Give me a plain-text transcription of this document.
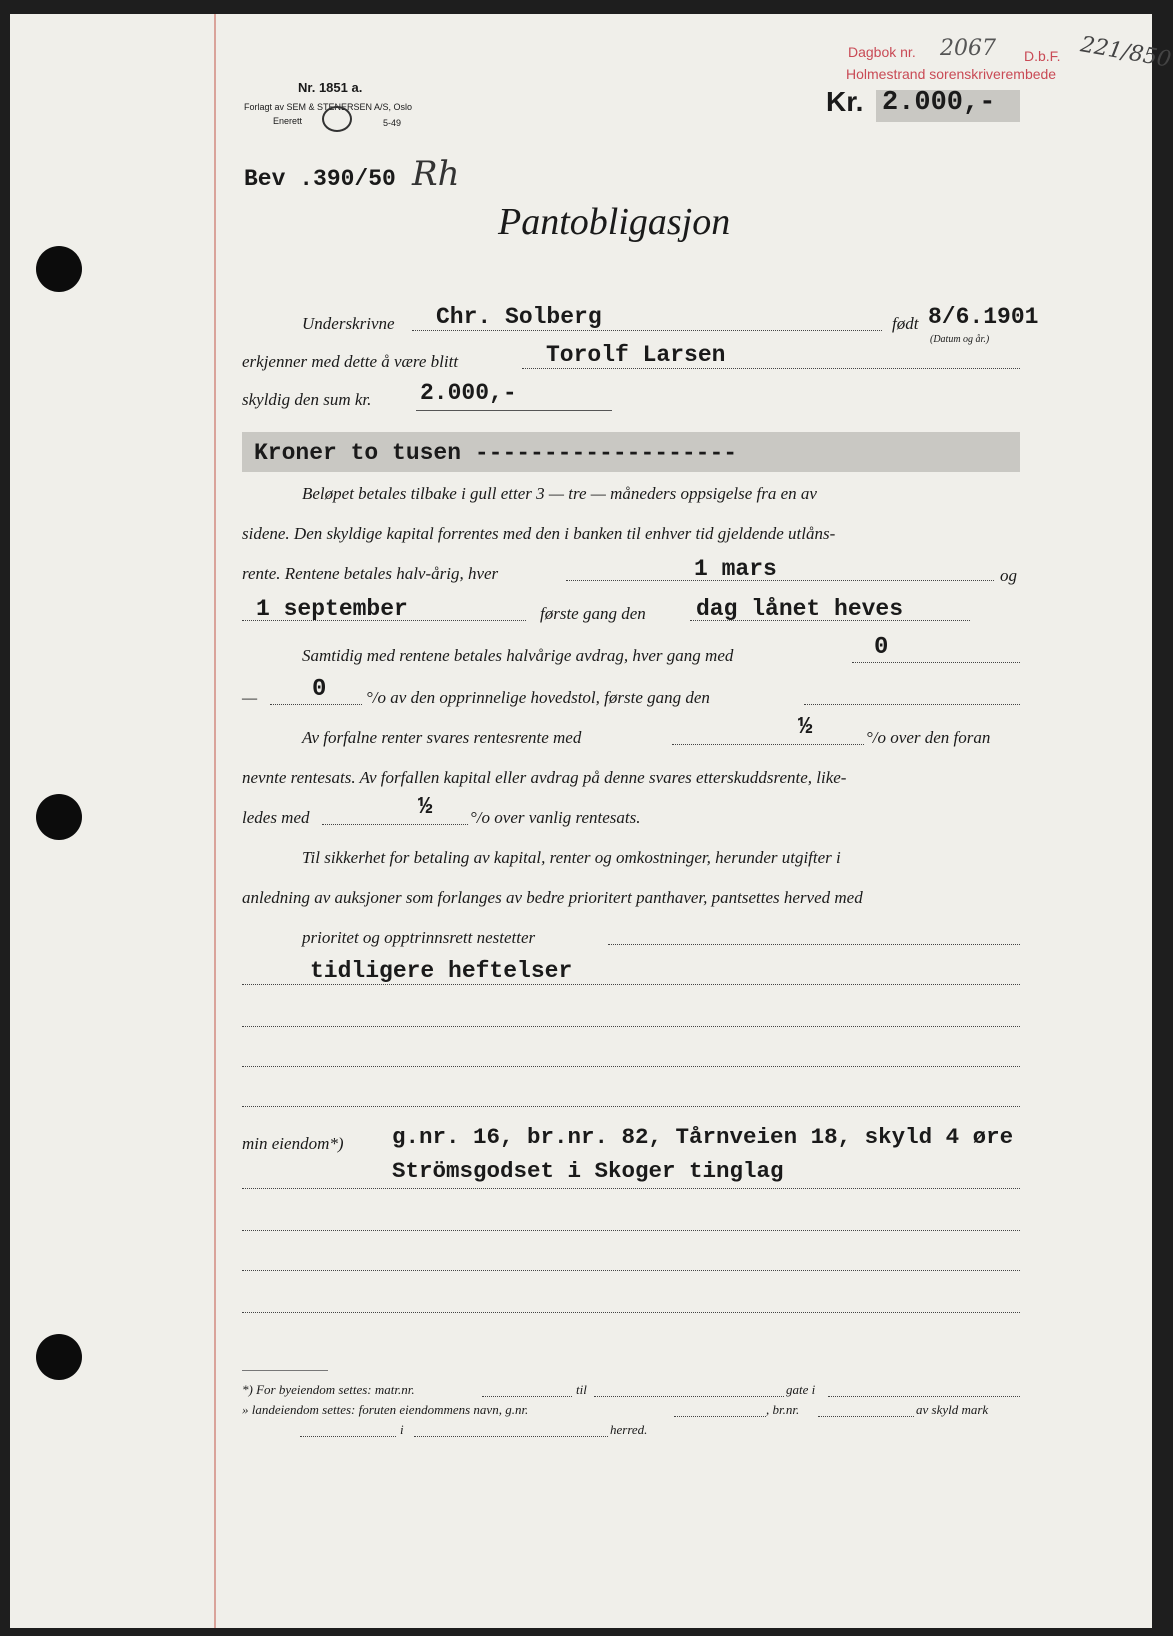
Nr. 1851 a.
Forlagt av SEM & STENERSEN A/S, Oslo
Enerett	5-49
Dagbok nr. 2067 D.b.F.
Holmestrand sorenskriverembede
221/850
Kr. 2.000,-
Bev .390/50 Rh
Pantobligasjon
Underskrivne Chr. Solberg	født 8/6.1901
(Datum og år.)
erkjenner med dette å være blitt	Torolf Larsen
skyldig den sum kr. 2.000,-
Kroner to tusen -------------------
Beløpet betales tilbake i gull etter 3 — tre — måneders oppsigelse fra en av
sidene. Den skyldige kapital forrentes med den i banken til enhver tid gjeldende utlåns-
rente. Rentene betales halv-årig, hver	1 mars	og
1 september	første gang den dag lånet heves
Samtidig med rentene betales halvårige avdrag, hver gang med	0
— 0 °/o av den opprinnelige hovedstol, første gang den
Av forfalne renter svares rentesrente med	½	°/o over den foran
nevnte rentesats. Av forfallen kapital eller avdrag på denne svares etterskuddsrente, like-
ledes med	½ °/o over vanlig rentesats.
Til sikkerhet for betaling av kapital, renter og omkostninger, herunder utgifter i
anledning av auksjoner som forlanges av bedre prioritert panthaver, pantsettes herved med
prioritet og opptrinnsrett nestetter
tidligere heftelser
min eiendom*) g.nr. 16, br.nr. 82, Tårnveien 18, skyld 4 øre
Strömsgodset i Skoger tinglag
*) For byeiendom settes: matr.nr.	til	gate i
» landeiendom settes: foruten eiendommens navn, g.nr.	, br.nr.	av skyld mark
i	herred.
